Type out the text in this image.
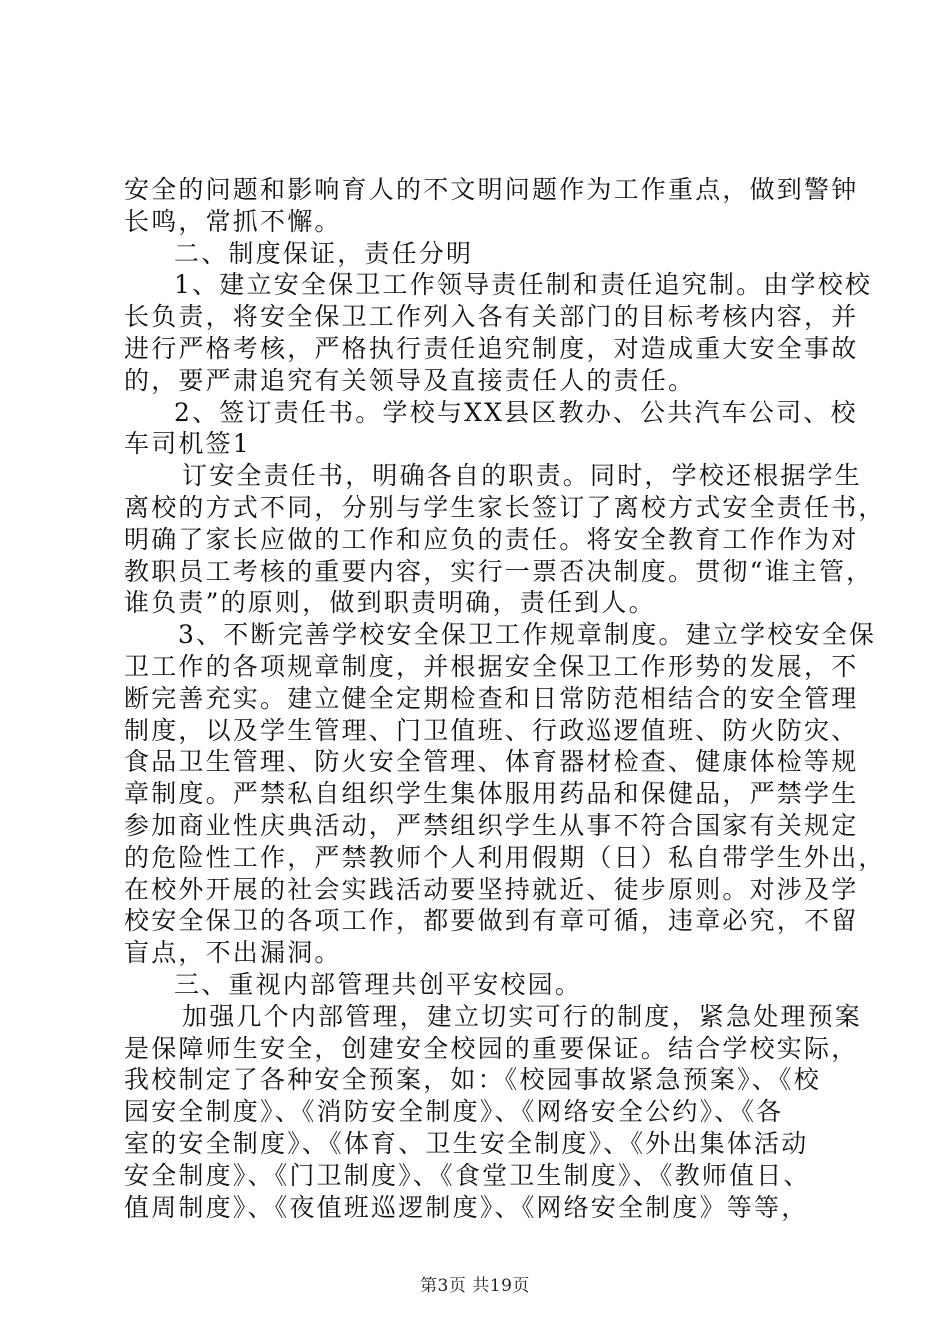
安全的问题和影响育人的不文明问题作为工作重点，做到警钟
长鸣，常抓不懈。
二、制度保证，责任分明
1、建立安全保卫工作领导责任制和责任追究制。由学校校
长负责，将安全保卫工作列入各有关部门的目标考核内容，并
进行严格考核，严格执行责任追究制度，对造成重大安全事故
的，要严肃追究有关领导及直接责任人的责任。
2、签订责任书。学校与XX县区教办、公共汽车公司、校
车司机签1
订安全责任书，明确各自的职责。同时，学校还根据学生
离校的方式不同，分别与学生家长签订了离校方式安全责任书，
明确了家长应做的工作和应负的责任。将安全教育工作作为对
教职员工考核的重要内容，实行一票否决制度。贯彻“谁主管，
谁负责”的原则，做到职责明确，责任到人。
3、不断完善学校安全保卫工作规章制度。建立学校安全保
卫工作的各项规章制度，并根据安全保卫工作形势的发展，不
断完善充实。建立健全定期检查和日常防范相结合的安全管理
制度，以及学生管理、门卫值班、行政巡逻值班、防火防灾、
食品卫生管理、防火安全管理、体育器材检查、健康体检等规
章制度。严禁私自组织学生集体服用药品和保健品，严禁学生
参加商业性庆典活动，严禁组织学生从事不符合国家有关规定
的危险性工作，严禁教师个人利用假期（日）私自带学生外出，
在校外开展的社会实践活动要坚持就近、徒步原则。对涉及学
校安全保卫的各项工作，都要做到有章可循，违章必究，不留
盲点，不出漏洞。
三、重视内部管理共创平安校园。
加强几个内部管理，建立切实可行的制度，紧急处理预案
是保障师生安全，创建安全校园的重要保证。结合学校实际，
我校制定了各种安全预案，如：《校园事故紧急预案》、《校
园安全制度》、《消防安全制度》、《网络安全公约》、《各
室的安全制度》、《体育、卫生安全制度》、《外出集体活动
安全制度》、《门卫制度》、《食堂卫生制度》、《教师值日、
值周制度》、《夜值班巡逻制度》、《网络安全制度》等等，
第3页 共19页
